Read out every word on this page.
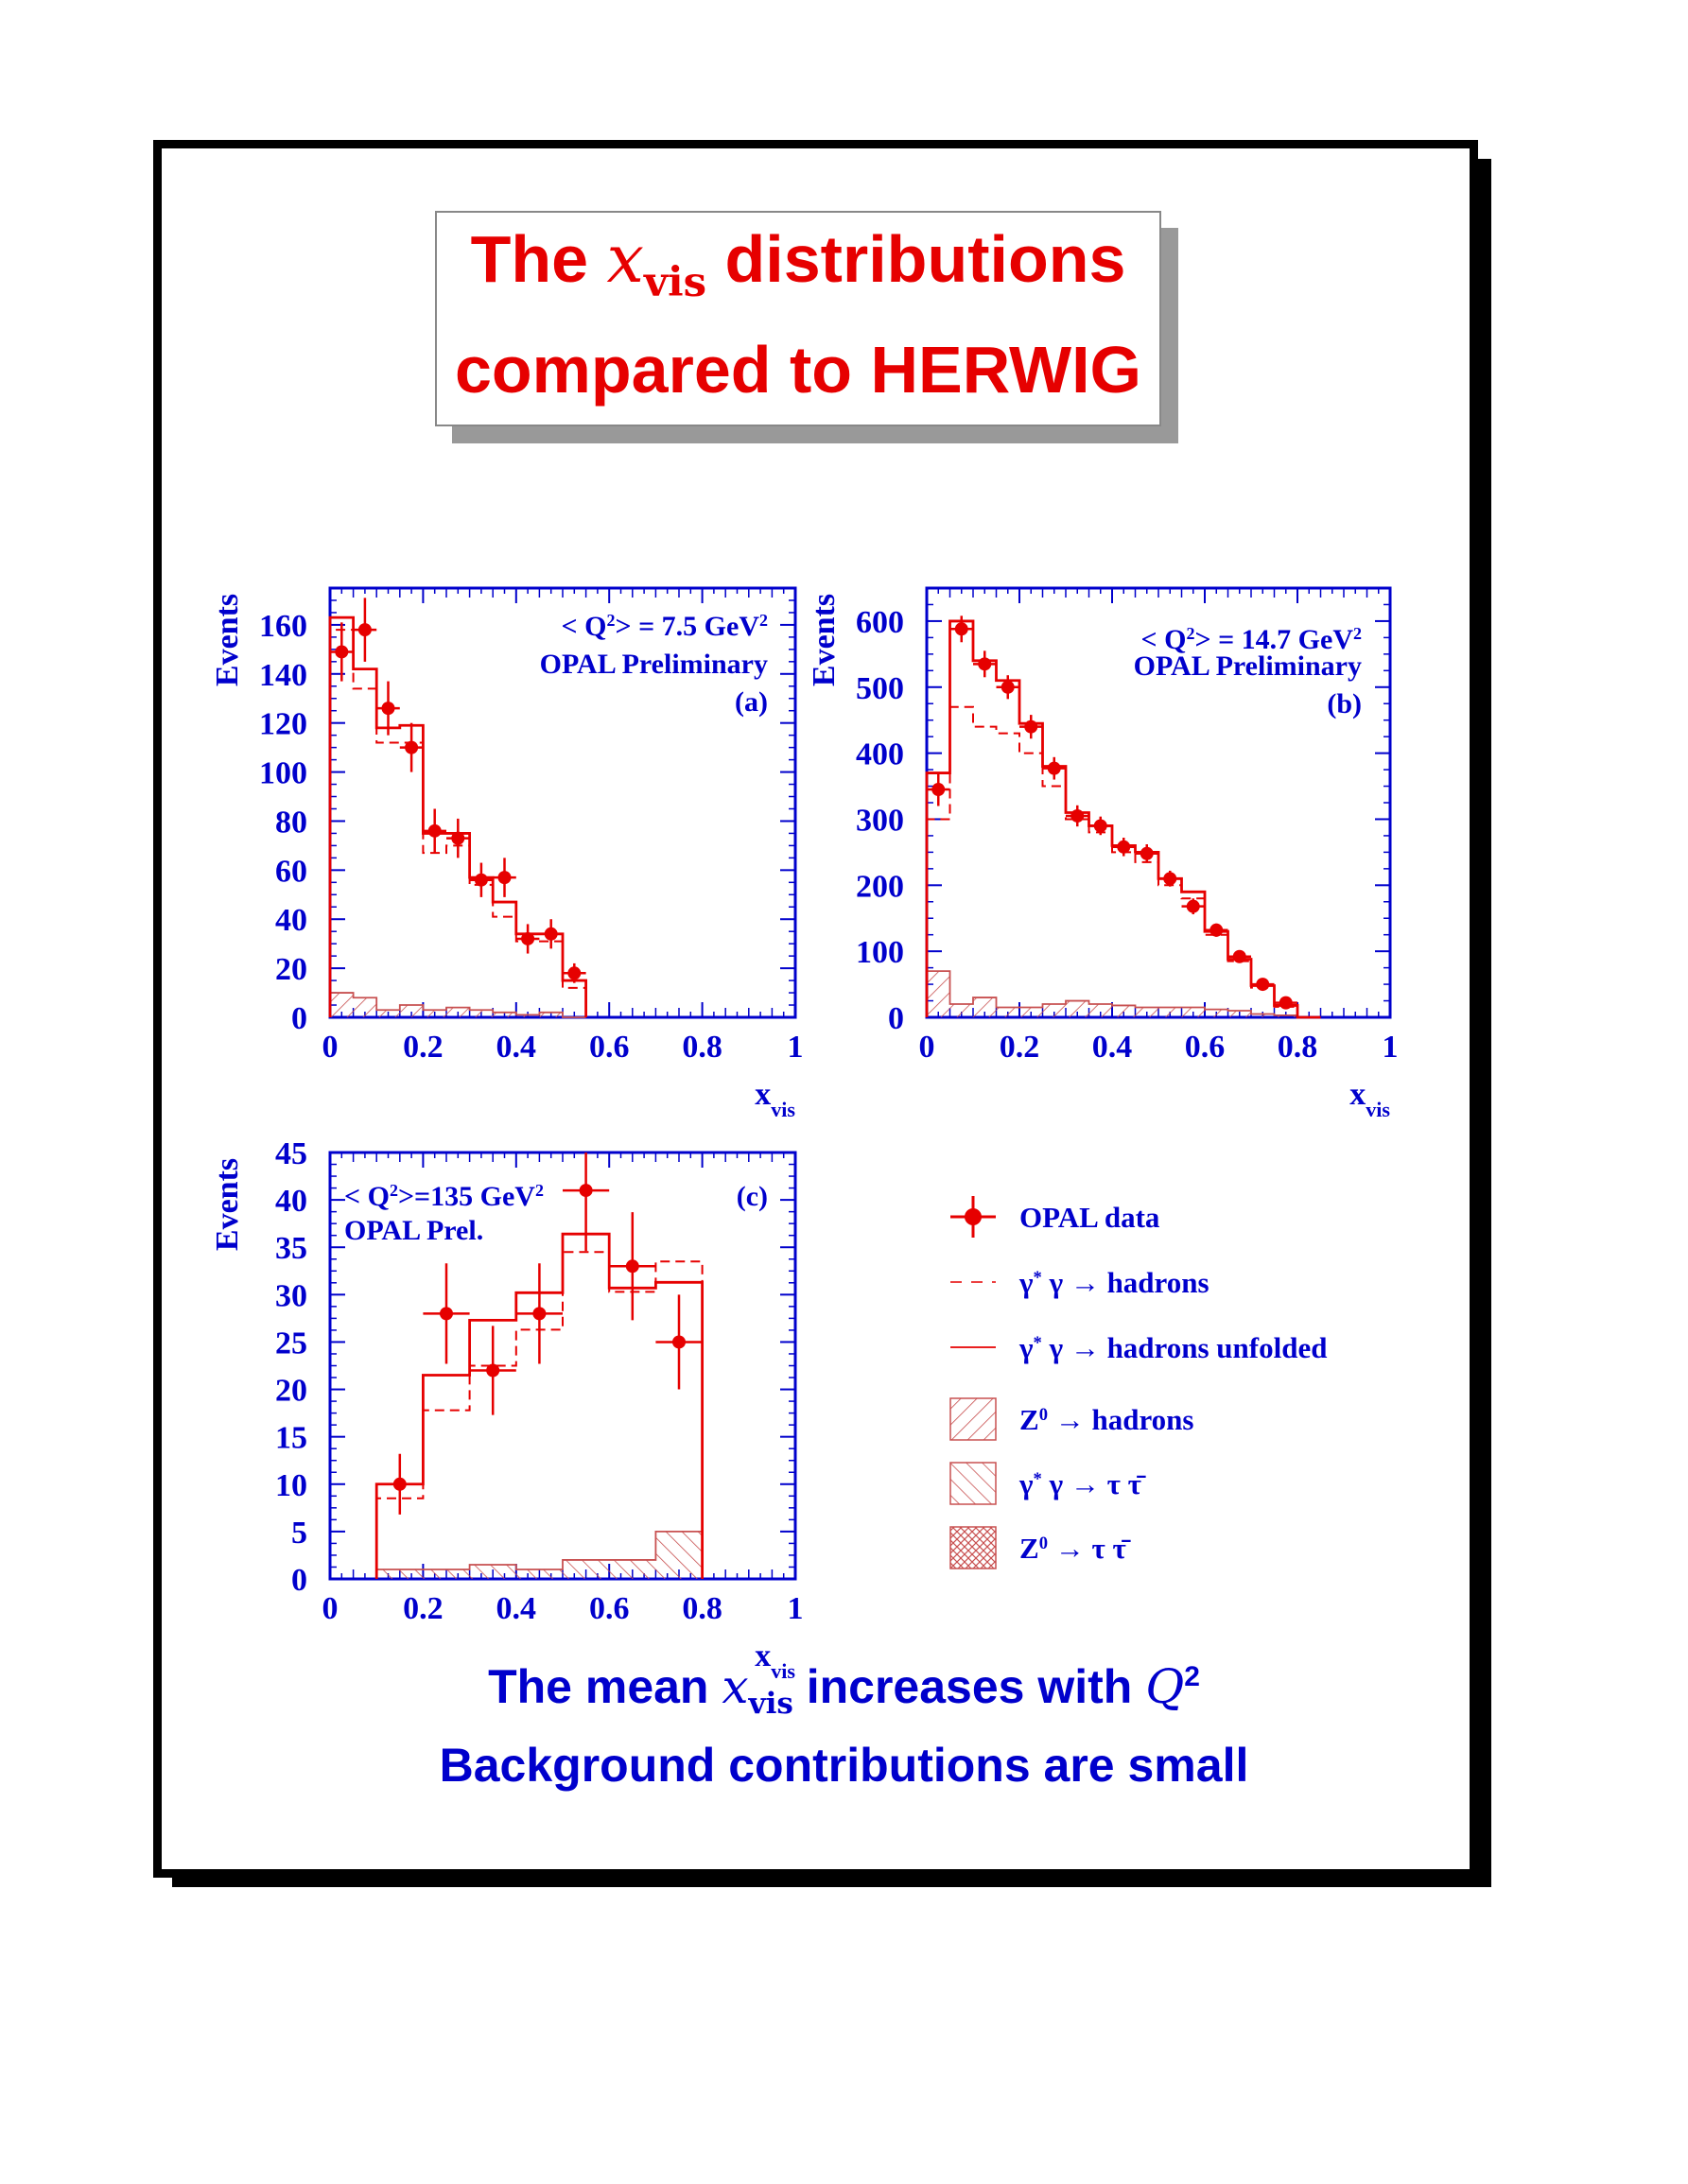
The $x_{vis}$ distributions
compared to HERWIG
0 0.2 0.4 0.6 0.8 1
0
20
40
60
80
100
120
140
160
Events
$x_{vis}$
< $Q^2> = 7.5$ GeV$^2$
OPAL Preliminary
(a)
0 0.2 0.4 0.6 0.8 1
0
100
200
300
400
500
600
Events
$x_{vis}$
< $Q^2> = 14.7$ GeV$^2$
OPAL Preliminary
(b)
0 0.2 0.4 0.6 0.8 1
0
5
10
15
20
25
30
35
40
45
Events
$x_{vis}$
< $Q^2>=135$ GeV$^2$
OPAL Prel.
(c)
OPAL data
γ* γ → hadrons
γ* γ → hadrons unfolded
$Z^0$ → hadrons
γ* γ → τ τ̄
$Z^0 \to \tau$ τ̄
The mean $x_{vis}$ increases with $Q^2$
Background contributions are small
